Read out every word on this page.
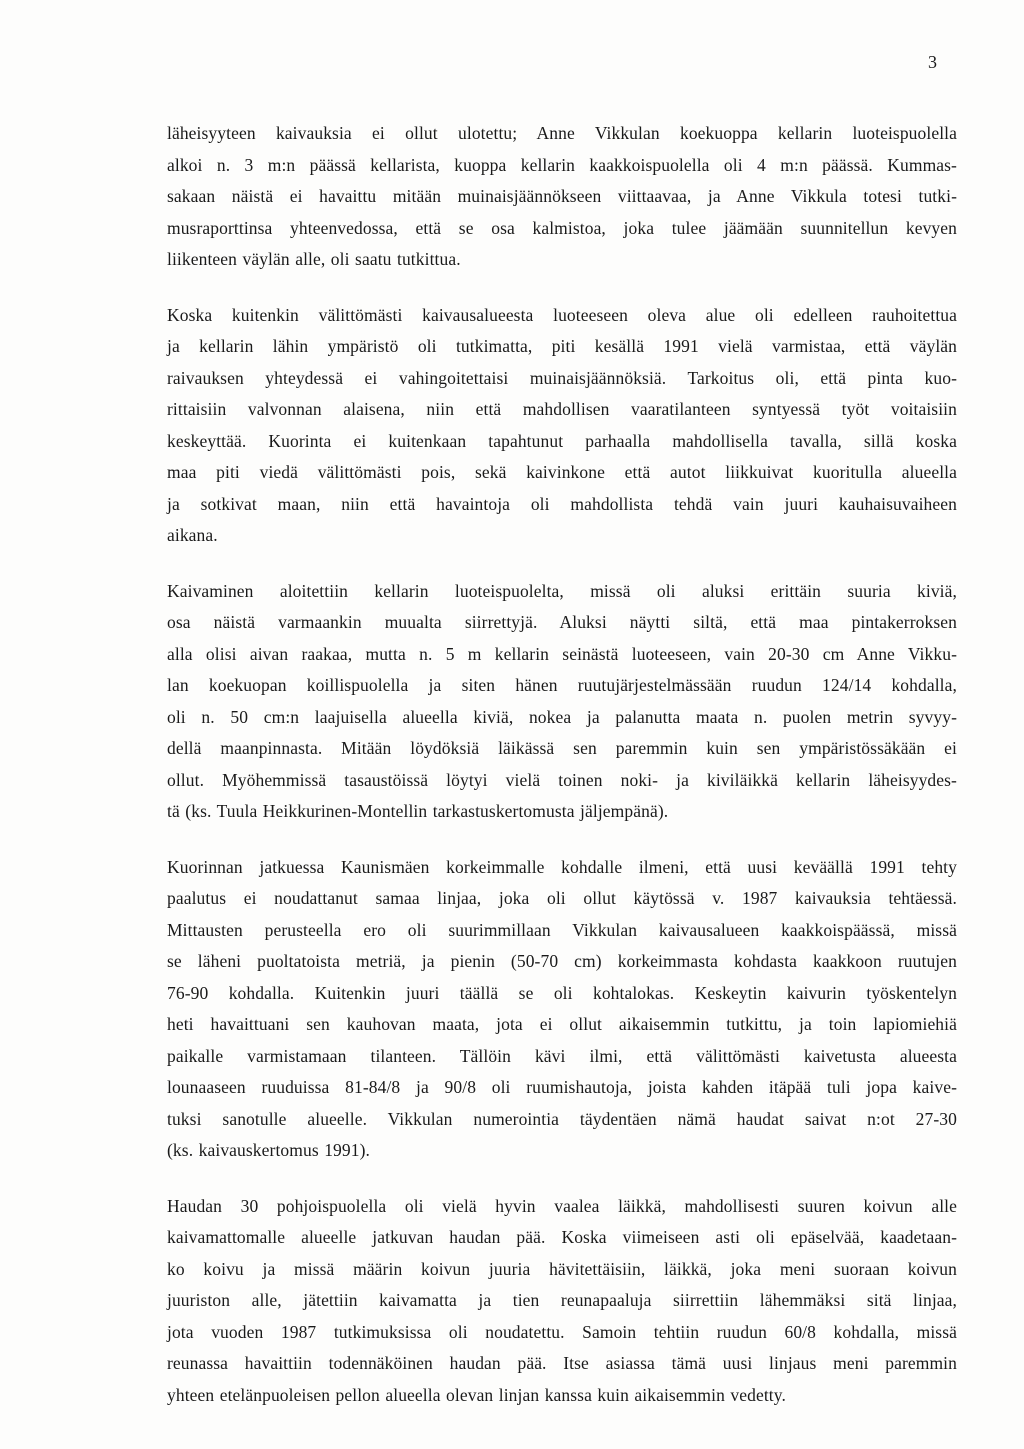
3
läheisyyteen kaivauksia ei ollut ulotettu; Anne Vikkulan koekuoppa kellarin luoteispuolella
alkoi n. 3 m:n päässä kellarista, kuoppa kellarin kaakkoispuolella oli 4 m:n päässä. Kummas-
sakaan näistä ei havaittu mitään muinaisjäännökseen viittaavaa, ja Anne Vikkula totesi tutki-
musraporttinsa yhteenvedossa, että se osa kalmistoa, joka tulee jäämään suunnitellun kevyen
liikenteen väylän alle, oli saatu tutkittua.
Koska kuitenkin välittömästi kaivausalueesta luoteeseen oleva alue oli edelleen rauhoitettua
ja kellarin lähin ympäristö oli tutkimatta, piti kesällä 1991 vielä varmistaa, että väylän
raivauksen yhteydessä ei vahingoitettaisi muinaisjäännöksiä. Tarkoitus oli, että pinta kuo-
rittaisiin valvonnan alaisena, niin että mahdollisen vaaratilanteen syntyessä työt voitaisiin
keskeyttää. Kuorinta ei kuitenkaan tapahtunut parhaalla mahdollisella tavalla, sillä koska
maa piti viedä välittömästi pois, sekä kaivinkone että autot liikkuivat kuoritulla alueella
ja sotkivat maan, niin että havaintoja oli mahdollista tehdä vain juuri kauhaisuvaiheen
aikana.
Kaivaminen aloitettiin kellarin luoteispuolelta, missä oli aluksi erittäin suuria kiviä,
osa näistä varmaankin muualta siirrettyjä. Aluksi näytti siltä, että maa pintakerroksen
alla olisi aivan raakaa, mutta n. 5 m kellarin seinästä luoteeseen, vain 20-30 cm Anne Vikku-
lan koekuopan koillispuolella ja siten hänen ruutujärjestelmässään ruudun 124/14 kohdalla,
oli n. 50 cm:n laajuisella alueella kiviä, nokea ja palanutta maata n. puolen metrin syvyy-
dellä maanpinnasta. Mitään löydöksiä läikässä sen paremmin kuin sen ympäristössäkään ei
ollut. Myöhemmissä tasaustöissä löytyi vielä toinen noki- ja kiviläikkä kellarin läheisyydes-
tä (ks. Tuula Heikkurinen-Montellin tarkastuskertomusta jäljempänä).
Kuorinnan jatkuessa Kaunismäen korkeimmalle kohdalle ilmeni, että uusi keväällä 1991 tehty
paalutus ei noudattanut samaa linjaa, joka oli ollut käytössä v. 1987 kaivauksia tehtäessä.
Mittausten perusteella ero oli suurimmillaan Vikkulan kaivausalueen kaakkoispäässä, missä
se läheni puoltatoista metriä, ja pienin (50-70 cm) korkeimmasta kohdasta kaakkoon ruutujen
76-90 kohdalla. Kuitenkin juuri täällä se oli kohtalokas. Keskeytin kaivurin työskentelyn
heti havaittuani sen kauhovan maata, jota ei ollut aikaisemmin tutkittu, ja toin lapiomiehiä
paikalle varmistamaan tilanteen. Tällöin kävi ilmi, että välittömästi kaivetusta alueesta
lounaaseen ruuduissa 81-84/8 ja 90/8 oli ruumishautoja, joista kahden itäpää tuli jopa kaive-
tuksi sanotulle alueelle. Vikkulan numerointia täydentäen nämä haudat saivat n:ot 27-30
(ks. kaivauskertomus 1991).
Haudan 30 pohjoispuolella oli vielä hyvin vaalea läikkä, mahdollisesti suuren koivun alle
kaivamattomalle alueelle jatkuvan haudan pää. Koska viimeiseen asti oli epäselvää, kaadetaan-
ko koivu ja missä määrin koivun juuria hävitettäisiin, läikkä, joka meni suoraan koivun
juuriston alle, jätettiin kaivamatta ja tien reunapaaluja siirrettiin lähemmäksi sitä linjaa,
jota vuoden 1987 tutkimuksissa oli noudatettu. Samoin tehtiin ruudun 60/8 kohdalla, missä
reunassa havaittiin todennäköinen haudan pää. Itse asiassa tämä uusi linjaus meni paremmin
yhteen etelänpuoleisen pellon alueella olevan linjan kanssa kuin aikaisemmin vedetty.
